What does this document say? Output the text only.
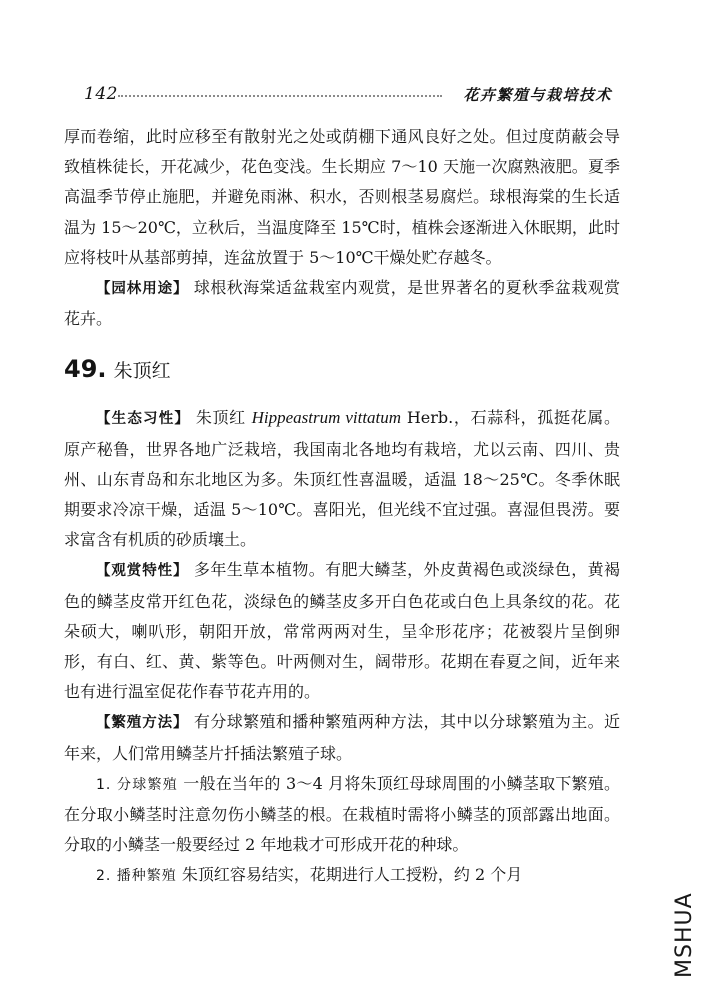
142	花卉繁殖与栽培技术

厚而卷缩，此时应移至有散射光之处或荫棚下通风良好之处。但过度荫蔽会导致植株徒长，开花减少，花色变浅。生长期应 7～10 天施一次腐熟液肥。夏季高温季节停止施肥，并避免雨淋、积水，否则根茎易腐烂。球根海棠的生长适温为 15～20℃，立秋后，当温度降至 15℃时，植株会逐渐进入休眠期，此时应将枝叶从基部剪掉，连盆放置于 5～10℃干燥处贮存越冬。

【园林用途】 球根秋海棠适盆栽室内观赏，是世界著名的夏秋季盆栽观赏花卉。

49. 朱顶红

【生态习性】 朱顶红 Hippeastrum vittatum Herb.，石蒜科，孤挺花属。原产秘鲁，世界各地广泛栽培，我国南北各地均有栽培，尤以云南、四川、贵州、山东青岛和东北地区为多。朱顶红性喜温暖，适温 18～25℃。冬季休眠期要求冷凉干燥，适温 5～10℃。喜阳光，但光线不宜过强。喜湿但畏涝。要求富含有机质的砂质壤土。

【观赏特性】 多年生草本植物。有肥大鳞茎，外皮黄褐色或淡绿色，黄褐色的鳞茎皮常开红色花，淡绿色的鳞茎皮多开白色花或白色上具条纹的花。花朵硕大，喇叭形，朝阳开放，常常两两对生，呈伞形花序；花被裂片呈倒卵形，有白、红、黄、紫等色。叶两侧对生，阔带形。花期在春夏之间，近年来也有进行温室促花作春节花卉用的。

【繁殖方法】 有分球繁殖和播种繁殖两种方法，其中以分球繁殖为主。近年来，人们常用鳞茎片扦插法繁殖子球。

1. 分球繁殖 一般在当年的 3～4 月将朱顶红母球周围的小鳞茎取下繁殖。在分取小鳞茎时注意勿伤小鳞茎的根。在栽植时需将小鳞茎的顶部露出地面。分取的小鳞茎一般要经过 2 年地栽才可形成开花的种球。

2. 播种繁殖 朱顶红容易结实，花期进行人工授粉，约 2 个月

MSHUA
